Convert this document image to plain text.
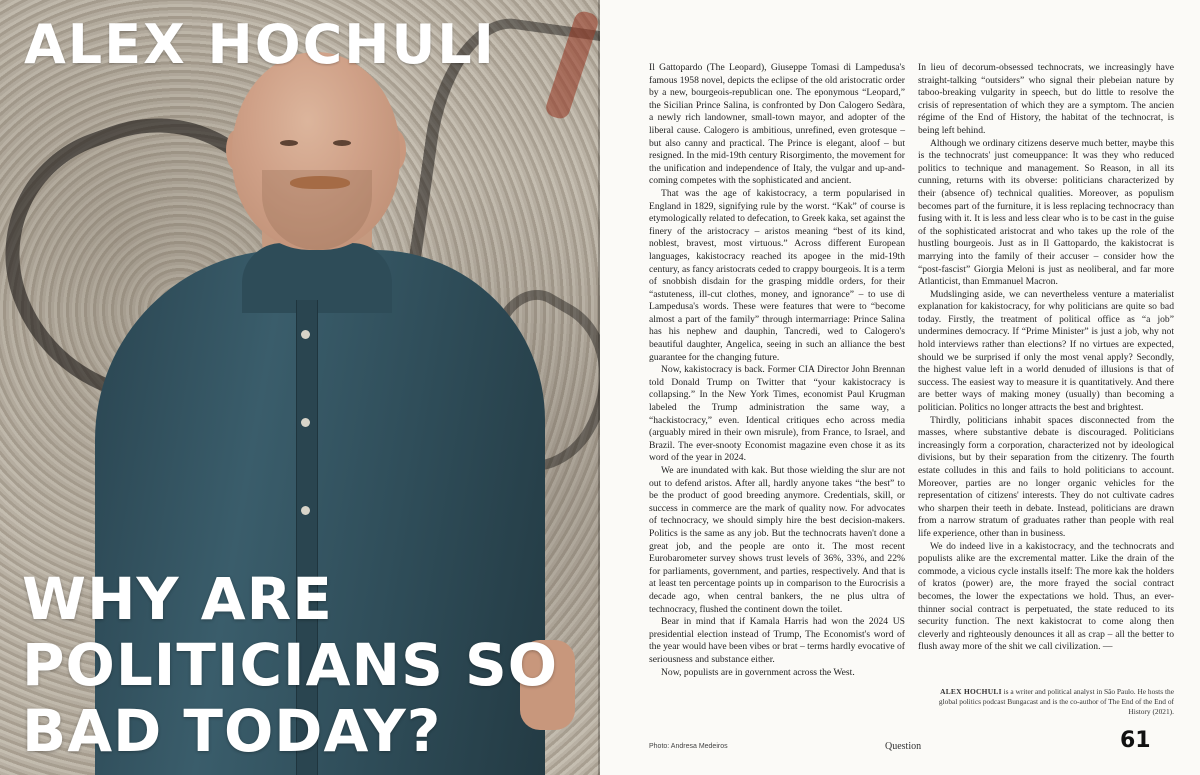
ALEX HOCHULI
WHY ARE
POLITICIANS SO
BAD TODAY?

Il Gattopardo (The Leopard), Giuseppe Tomasi di Lampedusa's famous 1958 novel, depicts the eclipse of the old aristocratic order by a new, bourgeois-republican one. The eponymous “Leopard,” the Sicilian Prince Salina, is confronted by Don Calogero Sedàra, a newly rich landowner, small-town mayor, and adopter of the liberal cause. Calogero is ambitious, unrefined, even grotesque – but also canny and practical. The Prince is elegant, aloof – but resigned. In the mid-19th century Risorgimento, the movement for the unification and independence of Italy, the vulgar and up-and-coming competes with the sophisticated and ancient.

That was the age of kakistocracy, a term popularised in England in 1829, signifying rule by the worst. “Kak” of course is etymologically related to defecation, to Greek kaka, set against the finery of the aristocracy – aristos meaning “best of its kind, noblest, bravest, most virtuous.” Across different European languages, kakistocracy reached its apogee in the mid-19th century, as fancy aristocrats ceded to crappy bourgeois. It is a term of snobbish disdain for the grasping middle orders, for their “astuteness, ill-cut clothes, money, and ignorance” – to use di Lampedusa's words. These were features that were to “become almost a part of the family” through intermarriage: Prince Salina has his nephew and dauphin, Tancredi, wed to Calogero's beautiful daughter, Angelica, seeing in such an alliance the best guarantee for the changing future.

Now, kakistocracy is back. Former CIA Director John Brennan told Donald Trump on Twitter that “your kakistocracy is collapsing.” In the New York Times, economist Paul Krugman labeled the Trump administration the same way, a “hackistocracy,” even. Identical critiques echo across media (arguably mired in their own misrule), from France, to Israel, and Brazil. The ever-snooty Economist magazine even chose it as its word of the year in 2024.

We are inundated with kak. But those wielding the slur are not out to defend aristos. After all, hardly anyone takes “the best” to be the product of good breeding anymore. Credentials, skill, or success in commerce are the mark of quality now. For advocates of technocracy, we should simply hire the best decision-makers. Politics is the same as any job. But the technocrats haven't done a great job, and the people are onto it. The most recent Eurobarometer survey shows trust levels of 36%, 33%, and 22% for parliaments, government, and parties, respectively. And that is at least ten percentage points up in comparison to the Eurocrisis a decade ago, when central bankers, the ne plus ultra of technocracy, flushed the continent down the toilet.

Bear in mind that if Kamala Harris had won the 2024 US presidential election instead of Trump, The Economist's word of the year would have been vibes or brat – terms hardly evocative of seriousness and substance either.

Now, populists are in government across the West.

In lieu of decorum-obsessed technocrats, we increasingly have straight-talking “outsiders” who signal their plebeian nature by taboo-breaking vulgarity in speech, but do little to resolve the crisis of representation of which they are a symptom. The ancien régime of the End of History, the habitat of the technocrat, is being left behind.

Although we ordinary citizens deserve much better, maybe this is the technocrats' just comeuppance: It was they who reduced politics to technique and management. So Reason, in all its cunning, returns with its obverse: politicians characterized by their (absence of) technical qualities. Moreover, as populism becomes part of the furniture, it is less replacing technocracy than fusing with it. It is less and less clear who is to be cast in the guise of the sophisticated aristocrat and who takes up the role of the hustling bourgeois. Just as in Il Gattopardo, the kakistocrat is marrying into the family of their accuser – consider how the “post-fascist” Giorgia Meloni is just as neoliberal, and far more Atlanticist, than Emmanuel Macron.

Mudslinging aside, we can nevertheless venture a materialist explanation for kakistocracy, for why politicians are quite so bad today. Firstly, the treatment of political office as “a job” undermines democracy. If “Prime Minister” is just a job, why not hold interviews rather than elections? If no virtues are expected, should we be surprised if only the most venal apply? Secondly, the highest value left in a world denuded of illusions is that of success. The easiest way to measure it is quantitatively. And there are better ways of making money (usually) than becoming a politician. Politics no longer attracts the best and brightest.

Thirdly, politicians inhabit spaces disconnected from the masses, where substantive debate is discouraged. Politicians increasingly form a corporation, characterized not by ideological divisions, but by their separation from the citizenry. The fourth estate colludes in this and fails to hold politicians to account. Moreover, parties are no longer organic vehicles for the representation of citizens' interests. They do not cultivate cadres who sharpen their teeth in debate. Instead, politicians are drawn from a narrow stratum of graduates rather than people with real life experience, other than in business.

We do indeed live in a kakistocracy, and the technocrats and populists alike are the excremental matter. Like the drain of the commode, a vicious cycle installs itself: The more kak the holders of kratos (power) are, the more frayed the social contract becomes, the lower the expectations we hold. Thus, an ever-thinner social contract is perpetuated, the state reduced to its security function. The next kakistocrat to come along then cleverly and righteously denounces it all as crap – all the better to flush away more of the shit we call civilization. —

ALEX HOCHULI is a writer and political analyst in São Paulo. He hosts the global politics podcast Bungacast and is the co-author of The End of the End of History (2021).
Photo: Andresa Medeiros	Question	61
